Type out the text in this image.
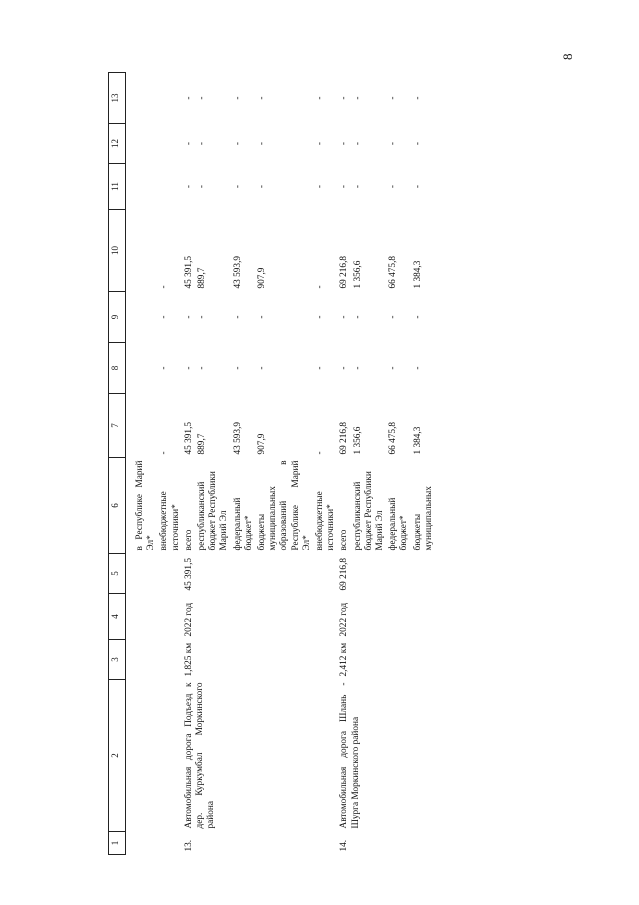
8
1	2	3	4	5	6	7	8	9	10	11	12	13

					в Республике Марий Эл*							
					внебюджетные источники*	-	-	-	-			
13.	Автомобильная дорога Подъезд к дер. Куркумбал Моркинского района	1,825 км	2022 год	45 391,5	всего	45 391,5	-	-	45 391,5	-	-	-
					республиканский бюджет Республики Марий Эл	889,7	-	-	889,7	-	-	-
					федеральный бюджет*	43 593,9	-	-	43 593,9	-	-	-
					бюджеты муниципальных образований в Республике Марий Эл*	907,9	-	-	907,9	-	-	-
					внебюджетные источники*	-	-	-	-	-	-	-
14.	Автомобильная дорога Шлань - Шурга Моркинского района	2,412 км	2022 год	69 216,8	всего	69 216,8	-	-	69 216,8	-	-	-
					республиканский бюджет Республики Марий Эл	1 356,6	-	-	1 356,6	-	-	-
					федеральный бюджет*	66 475,8	-	-	66 475,8	-	-	-
					бюджеты муниципальных	1 384,3	-	-	1 384,3	-	-	-
